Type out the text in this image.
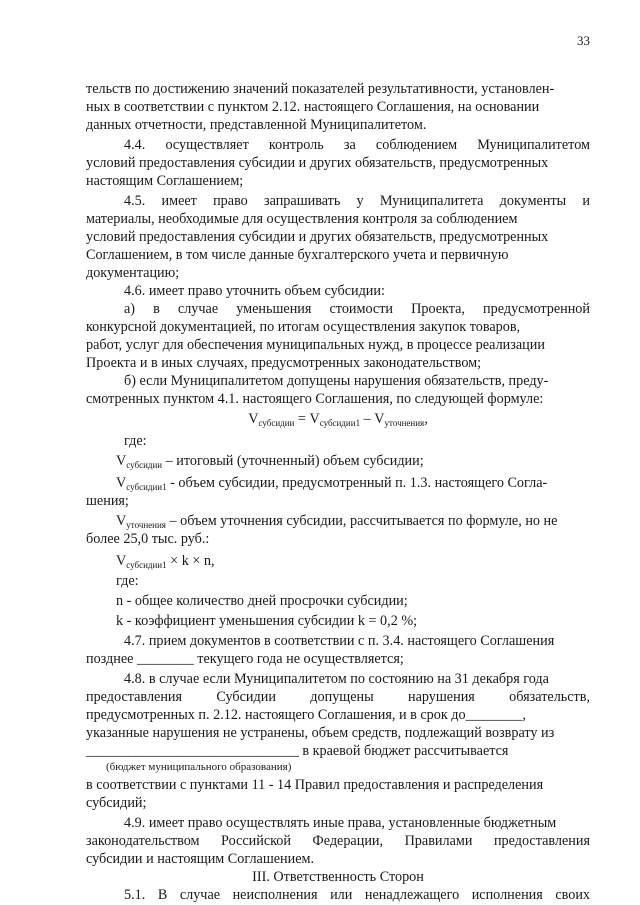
33
тельств по достижению значений показателей результативности, установлен-
ных в соответствии с пунктом 2.12. настоящего Соглашения, на основании
данных отчетности, представленной Муниципалитетом.
4.4. осуществляет контроль за соблюдением Муниципалитетом
условий предоставления субсидии и других обязательств, предусмотренных
настоящим Соглашением;
4.5. имеет право запрашивать у Муниципалитета документы и
материалы, необходимые для осуществления контроля за соблюдением
условий предоставления субсидии и других обязательств, предусмотренных
Соглашением, в том числе данные бухгалтерского учета и первичную
документацию;
4.6. имеет право уточнить объем субсидии:
а) в случае уменьшения стоимости Проекта, предусмотренной
конкурсной документацией, по итогам осуществления закупок товаров,
работ, услуг для обеспечения муниципальных нужд, в процессе реализации
Проекта и в иных случаях, предусмотренных законодательством;
б) если Муниципалитетом допущены нарушения обязательств, преду-
смотренных пунктом 4.1. настоящего Соглашения, по следующей формуле:
$V_{субсидии} = V_{субсидии1} - V_{уточнения}$,
где:
$V_{субсидии}$ – итоговый (уточненный) объем субсидии;
$V_{субсидии1}$ - объем субсидии, предусмотренный п. 1.3. настоящего Согла-
шения;
$V_{уточнения}$ – объем уточнения субсидии, рассчитывается по формуле, но не
более 25,0 тыс. руб.:
$V_{субсидии1} \times k \times n$,
где:
n - общее количество дней просрочки субсидии;
k - коэффициент уменьшения субсидии k = 0,2 %;
4.7. прием документов в соответствии с п. 3.4. настоящего Соглашения
позднее ________ текущего года не осуществляется;
4.8. в случае если Муниципалитетом по состоянию на 31 декабря года
предоставления Субсидии допущены нарушения обязательств,
предусмотренных п. 2.12. настоящего Соглашения, и в срок до________,
указанные нарушения не устранены, объем средств, подлежащий возврату из
______________________________ в краевой бюджет рассчитывается
(бюджет муниципального образования)
в соответствии с пунктами 11 - 14 Правил предоставления и распределения
субсидий;
4.9. имеет право осуществлять иные права, установленные бюджетным
законодательством Российской Федерации, Правилами предоставления
субсидии и настоящим Соглашением.
III. Ответственность Сторон
5.1. В случае неисполнения или ненадлежащего исполнения своих
